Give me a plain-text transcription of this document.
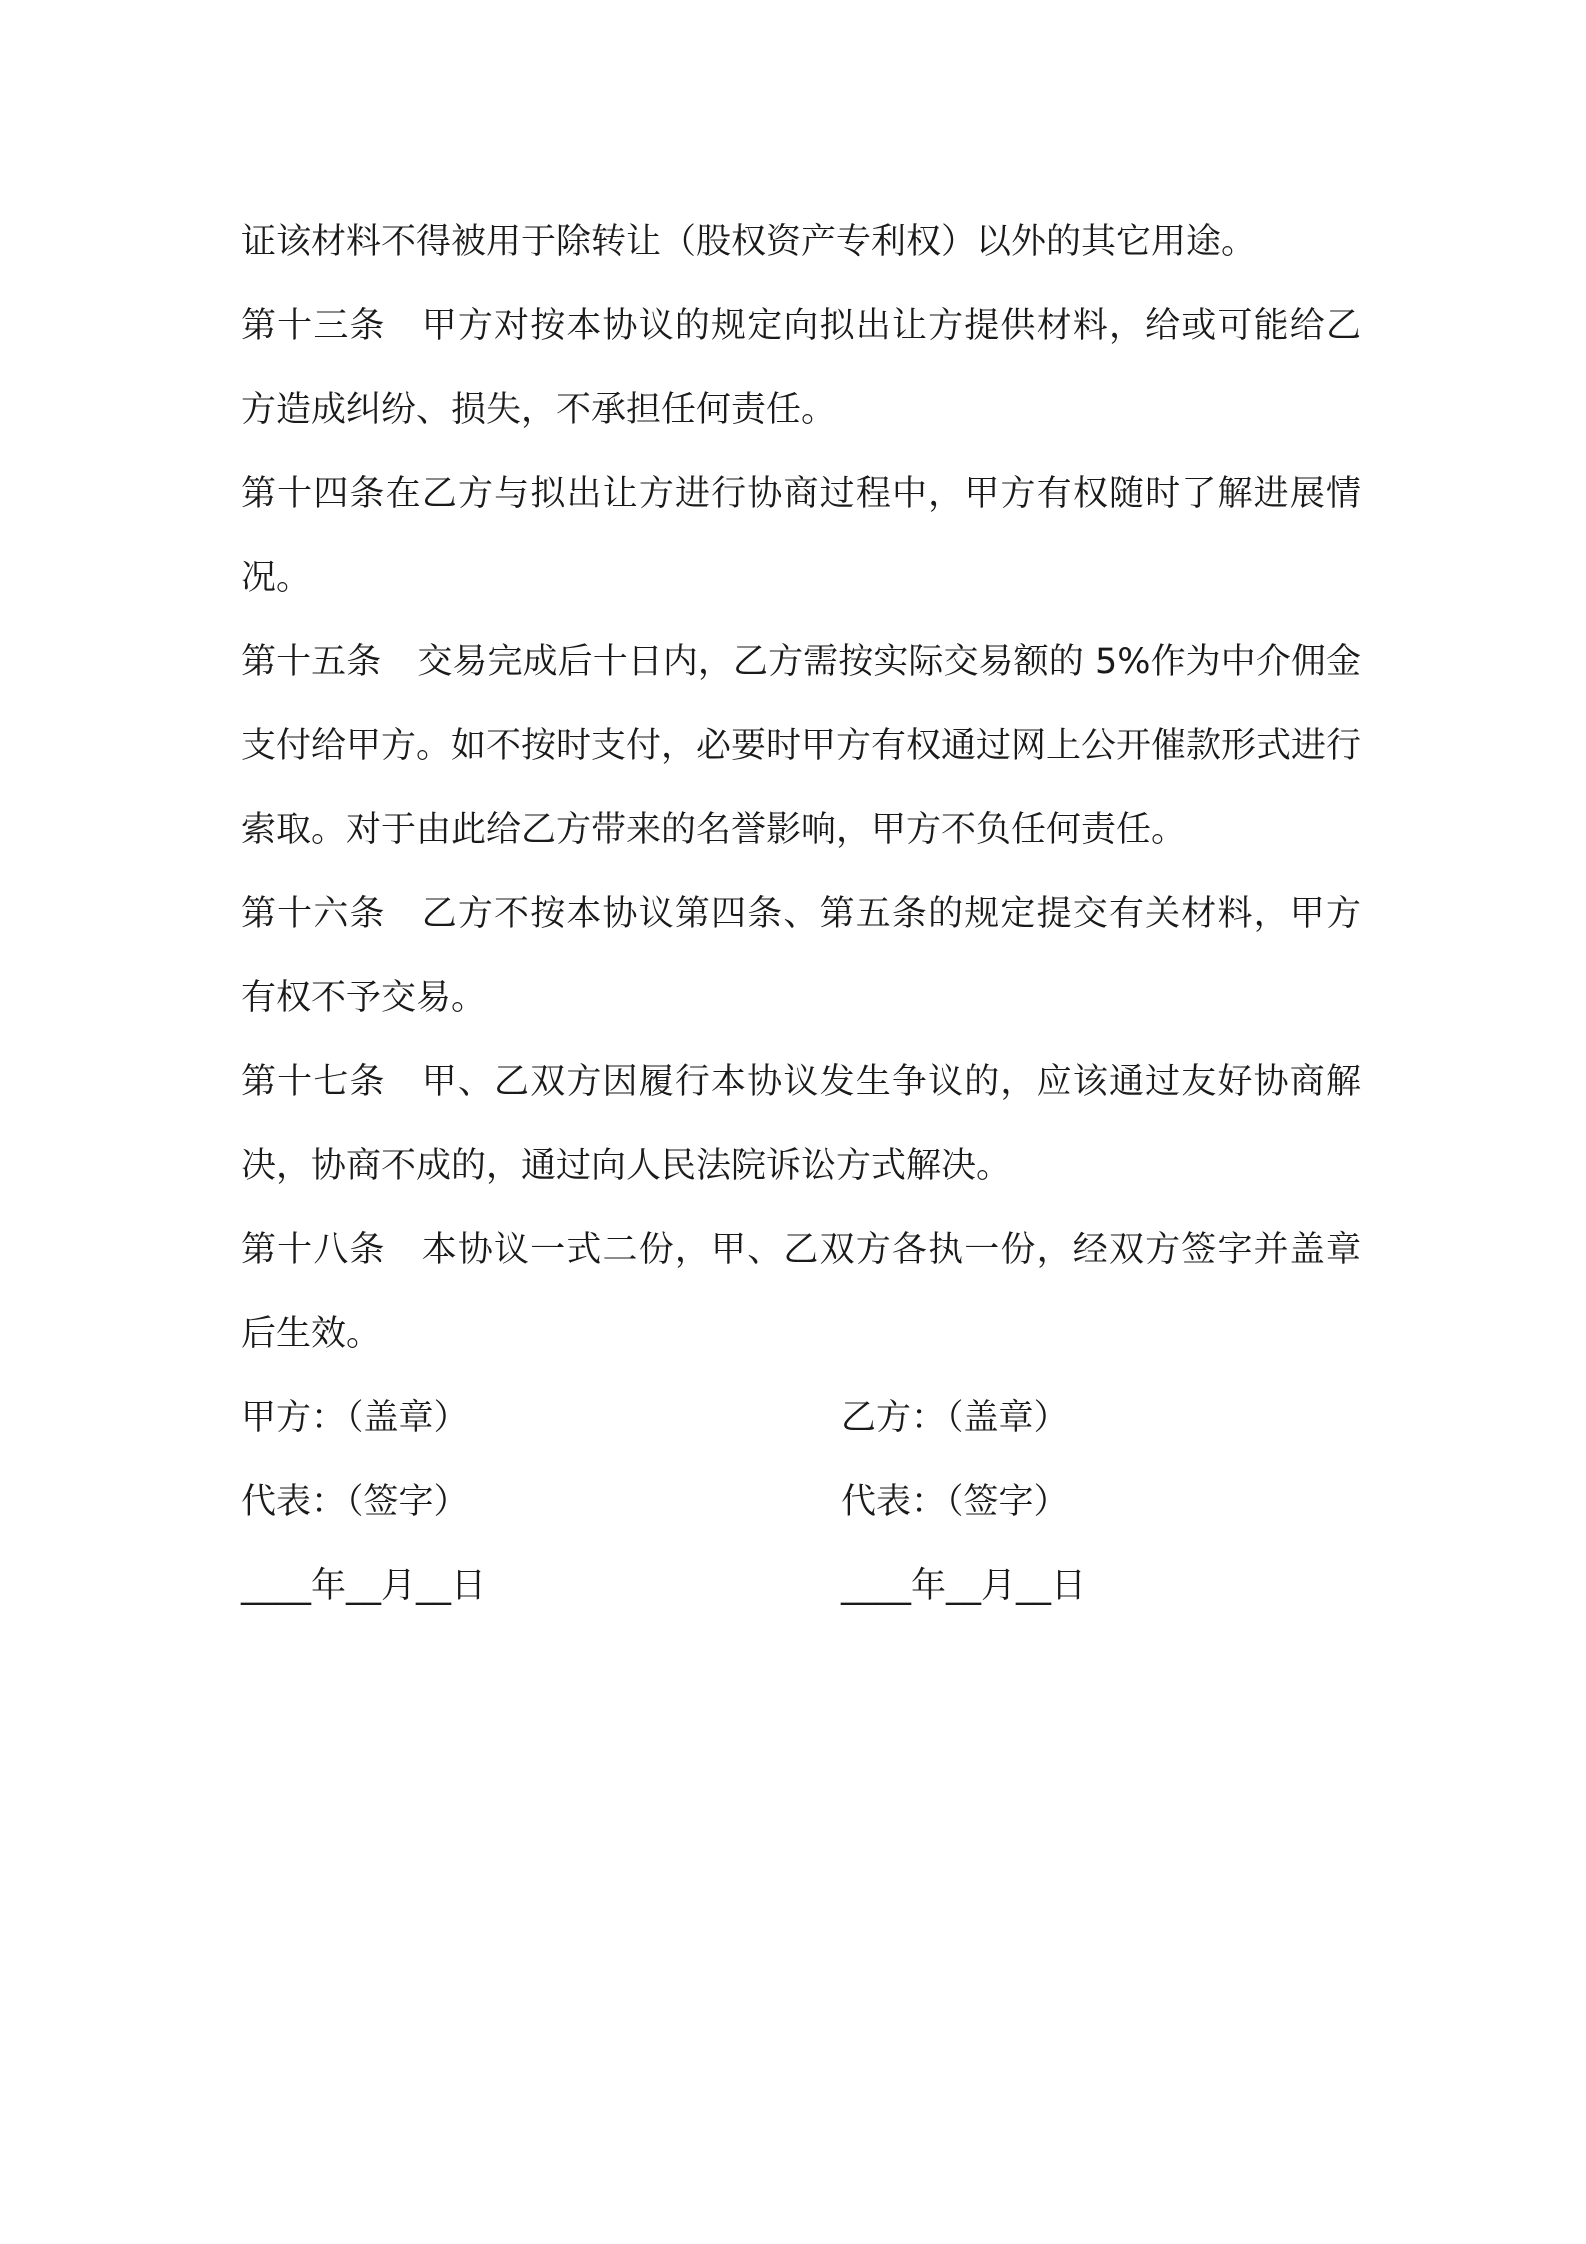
证该材料不得被用于除转让（股权资产专利权）以外的其它用途。

第十三条 甲方对按本协议的规定向拟出让方提供材料，给或可能给乙方造成纠纷、损失，不承担任何责任。

第十四条在乙方与拟出让方进行协商过程中，甲方有权随时了解进展情况。

第十五条 交易完成后十日内，乙方需按实际交易额的 5%作为中介佣金支付给甲方。如不按时支付，必要时甲方有权通过网上公开催款形式进行索取。对于由此给乙方带来的名誉影响，甲方不负任何责任。

第十六条 乙方不按本协议第四条、第五条的规定提交有关材料，甲方有权不予交易。

第十七条 甲、乙双方因履行本协议发生争议的，应该通过友好协商解决，协商不成的，通过向人民法院诉讼方式解决。

第十八条 本协议一式二份，甲、乙双方各执一份，经双方签字并盖章后生效。

甲方：（盖章）	乙方：（盖章）
代表：（签字）	代表：（签字）
____年__月__日	____年__月__日
